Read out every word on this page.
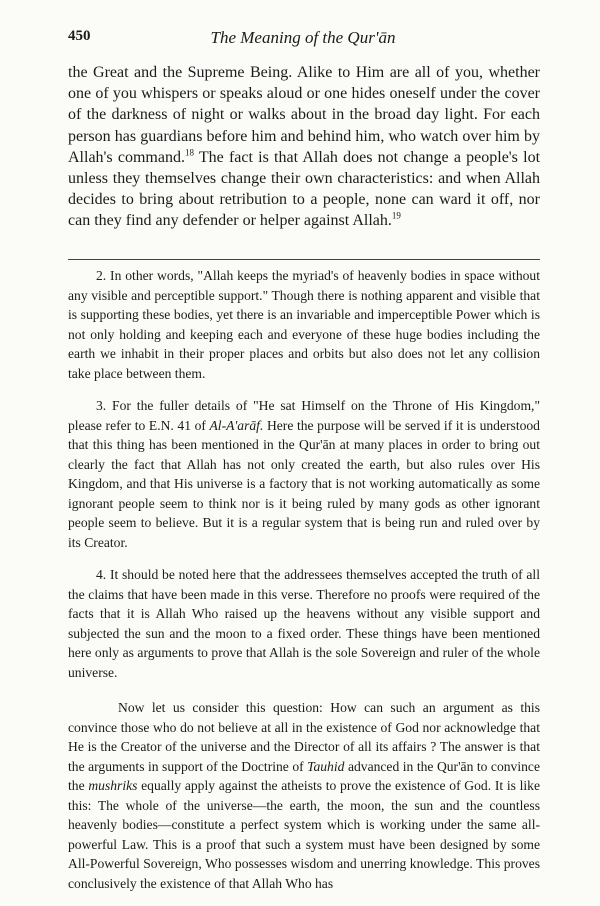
450	The Meaning of the Qur'ān

the Great and the Supreme Being. Alike to Him are all of you, whether one of you whispers or speaks aloud or one hides oneself under the cover of the darkness of night or walks about in the broad day light. For each person has guardians before him and behind him, who watch over him by Allah's command.$^{18}$ The fact is that Allah does not change a people's lot unless they themselves change their own characteristics: and when Allah decides to bring about retribution to a people, none can ward it off, nor can they find any defender or helper against Allah.$^{19}$

2. In other words, "Allah keeps the myriad's of heavenly bodies in space without any visible and perceptible support." Though there is nothing apparent and visible that is supporting these bodies, yet there is an invariable and imperceptible Power which is not only holding and keeping each and everyone of these huge bodies including the earth we inhabit in their proper places and orbits but also does not let any collision take place between them.

3. For the fuller details of "He sat Himself on the Throne of His Kingdom," please refer to E.N. 41 of Al-A'arāf. Here the purpose will be served if it is understood that this thing has been mentioned in the Qur'ān at many places in order to bring out clearly the fact that Allah has not only created the earth, but also rules over His Kingdom, and that His universe is a factory that is not working automatically as some ignorant people seem to think nor is it being ruled by many gods as other ignorant people seem to believe. But it is a regular system that is being run and ruled over by its Creator.

4. It should be noted here that the addressees themselves accepted the truth of all the claims that have been made in this verse. Therefore no proofs were required of the facts that it is Allah Who raised up the heavens without any visible support and subjected the sun and the moon to a fixed order. These things have been mentioned here only as arguments to prove that Allah is the sole Sovereign and ruler of the whole universe.

Now let us consider this question: How can such an argument as this convince those who do not believe at all in the existence of God nor acknowledge that He is the Creator of the universe and the Director of all its affairs ? The answer is that the arguments in support of the Doctrine of Tauhid advanced in the Qur'ān to convince the mushriks equally apply against the atheists to prove the existence of God. It is like this: The whole of the universe—the earth, the moon, the sun and the countless heavenly bodies—constitute a perfect system which is working under the same all-powerful Law. This is a proof that such a system must have been designed by some All-Powerful Sovereign, Who possesses wisdom and unerring knowledge. This proves conclusively the existence of that Allah Who has
